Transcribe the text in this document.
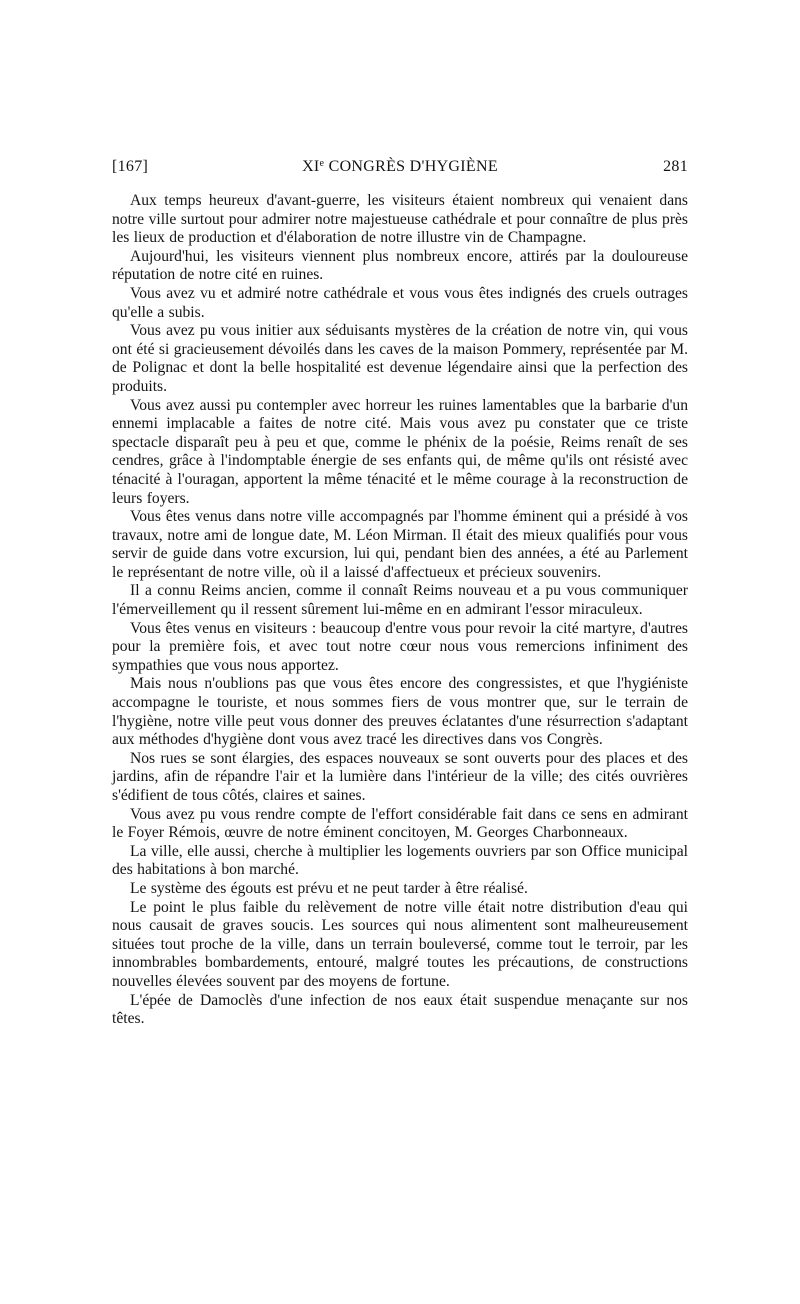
[167]	XIe CONGRÈS D'HYGIÈNE	281

Aux temps heureux d'avant-guerre, les visiteurs étaient nombreux qui venaient dans notre ville surtout pour admirer notre majestueuse cathédrale et pour connaître de plus près les lieux de production et d'élaboration de notre illustre vin de Champagne.

Aujourd'hui, les visiteurs viennent plus nombreux encore, attirés par la douloureuse réputation de notre cité en ruines.

Vous avez vu et admiré notre cathédrale et vous vous êtes indignés des cruels outrages qu'elle a subis.

Vous avez pu vous initier aux séduisants mystères de la création de notre vin, qui vous ont été si gracieusement dévoilés dans les caves de la maison Pommery, représentée par M. de Polignac et dont la belle hospitalité est devenue légendaire ainsi que la perfection des produits.

Vous avez aussi pu contempler avec horreur les ruines lamentables que la barbarie d'un ennemi implacable a faites de notre cité. Mais vous avez pu constater que ce triste spectacle disparaît peu à peu et que, comme le phénix de la poésie, Reims renaît de ses cendres, grâce à l'indomptable énergie de ses enfants qui, de même qu'ils ont résisté avec ténacité à l'ouragan, apportent la même ténacité et le même courage à la reconstruction de leurs foyers.

Vous êtes venus dans notre ville accompagnés par l'homme éminent qui a présidé à vos travaux, notre ami de longue date, M. Léon Mirman. Il était des mieux qualifiés pour vous servir de guide dans votre excursion, lui qui, pendant bien des années, a été au Parlement le représentant de notre ville, où il a laissé d'affectueux et précieux souvenirs.

Il a connu Reims ancien, comme il connaît Reims nouveau et a pu vous communiquer l'émerveillement qu il ressent sûrement lui-même en en admirant l'essor miraculeux.

Vous êtes venus en visiteurs : beaucoup d'entre vous pour revoir la cité martyre, d'autres pour la première fois, et avec tout notre cœur nous vous remercions infiniment des sympathies que vous nous apportez.

Mais nous n'oublions pas que vous êtes encore des congressistes, et que l'hygiéniste accompagne le touriste, et nous sommes fiers de vous montrer que, sur le terrain de l'hygiène, notre ville peut vous donner des preuves éclatantes d'une résurrection s'adaptant aux méthodes d'hygiène dont vous avez tracé les directives dans vos Congrès.

Nos rues se sont élargies, des espaces nouveaux se sont ouverts pour des places et des jardins, afin de répandre l'air et la lumière dans l'intérieur de la ville; des cités ouvrières s'édifient de tous côtés, claires et saines.

Vous avez pu vous rendre compte de l'effort considérable fait dans ce sens en admirant le Foyer Rémois, œuvre de notre éminent concitoyen, M. Georges Charbonneaux.

La ville, elle aussi, cherche à multiplier les logements ouvriers par son Office municipal des habitations à bon marché.

Le système des égouts est prévu et ne peut tarder à être réalisé.

Le point le plus faible du relèvement de notre ville était notre distribution d'eau qui nous causait de graves soucis. Les sources qui nous alimentent sont malheureusement situées tout proche de la ville, dans un terrain bouleversé, comme tout le terroir, par les innombrables bombardements, entouré, malgré toutes les précautions, de constructions nouvelles élevées souvent par des moyens de fortune.

L'épée de Damoclès d'une infection de nos eaux était suspendue menaçante sur nos têtes.
